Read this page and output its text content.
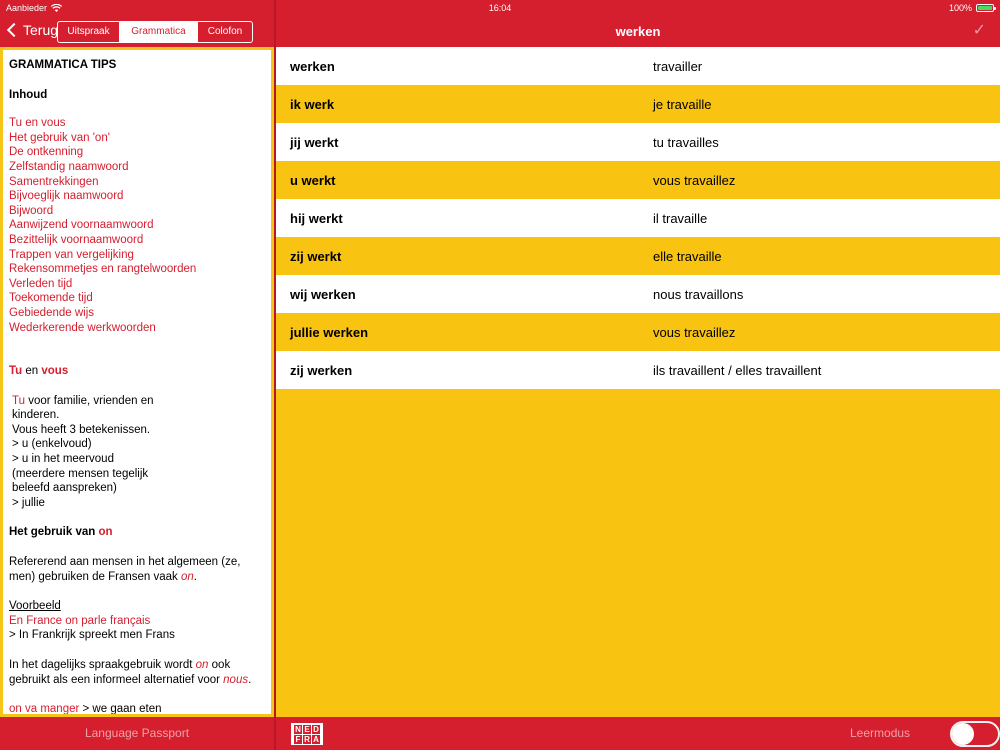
Aanbieder	16:04	100%
Terug Uitspraak	Grammatica	Colofon	werken	✓
GRAMMATICA TIPS
Inhoud
Tu en vous
Het gebruik van 'on'
De ontkenning
Zelfstandig naamwoord
Samentrekkingen
Bijvoeglijk naamwoord
Bijwoord
Aanwijzend voornaamwoord
Bezittelijk voornaamwoord
Trappen van vergelijking
Rekensommetjes en rangtelwoorden
Verleden tijd
Toekomende tijd
Gebiedende wijs
Wederkerende werkwoorden
Tu en vous
Tu voor familie, vrienden en
kinderen.
Vous heeft 3 betekenissen.
> u (enkelvoud)
> u in het meervoud
(meerdere mensen tegelijk
beleefd aanspreken)
> jullie
Het gebruik van on
Refererend aan mensen in het algemeen (ze, men) gebruiken de Fransen vaak on.
Voorbeeld
En France on parle français
> In Frankrijk spreekt men Frans
In het dagelijks spraakgebruik wordt on ook gebruikt als een informeel alternatief voor nous.
on va manger > we gaan eten
werken	travailler
ik werk	je travaille
jij werkt	tu travailles
u werkt	vous travaillez
hij werkt	il travaille
zij werkt	elle travaille
wij werken	nous travaillons
jullie werken	vous travaillez
zij werken	ils travaillent / elles travaillent
Language Passport	N E D
F R A	Leermodus
